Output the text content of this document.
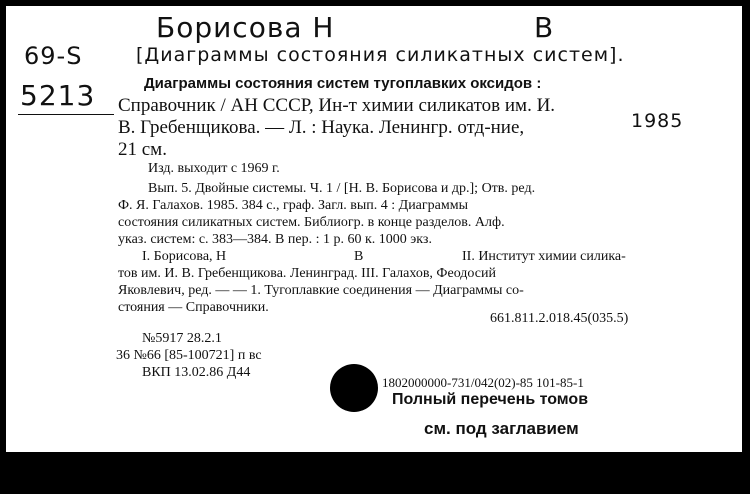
Борисова Н	В
69-S	[Диаграммы состояния силикатных систем].
5213	Диаграммы состояния систем тугоплавких оксидов :
Справочник / АН СССР, Ин-т химии силикатов им. И.
В. Гребенщикова. — Л. : Наука. Ленингр. отд-ние,	1985
21 см.
Изд. выходит с 1969 г.
Вып. 5. Двойные системы. Ч. 1 / [Н. В. Борисова и др.]; Отв. ред.
Ф. Я. Галахов. 1985. 384 с., граф. Загл. вып. 4 : Диаграммы
состояния силикатных систем. Библиогр. в конце разделов. Алф.
указ. систем: с. 383—384. В пер. : 1 р. 60 к. 1000 экз.
I. Борисова, Н	В	II. Институт химии силика-
тов им. И. В. Гребенщикова. Ленинград. III. Галахов, Феодосий
Яковлевич, ред. — — 1. Тугоплавкие соединения — Диаграммы со-
стояния — Справочники.
661.811.2.018.45(035.5)
№5917 28.2.1
36 №66 [85-100721] п вс
ВКП 13.02.86 Д44
1802000000-731/042(02)-85 101-85-1
Полный перечень томов
см. под заглавием
